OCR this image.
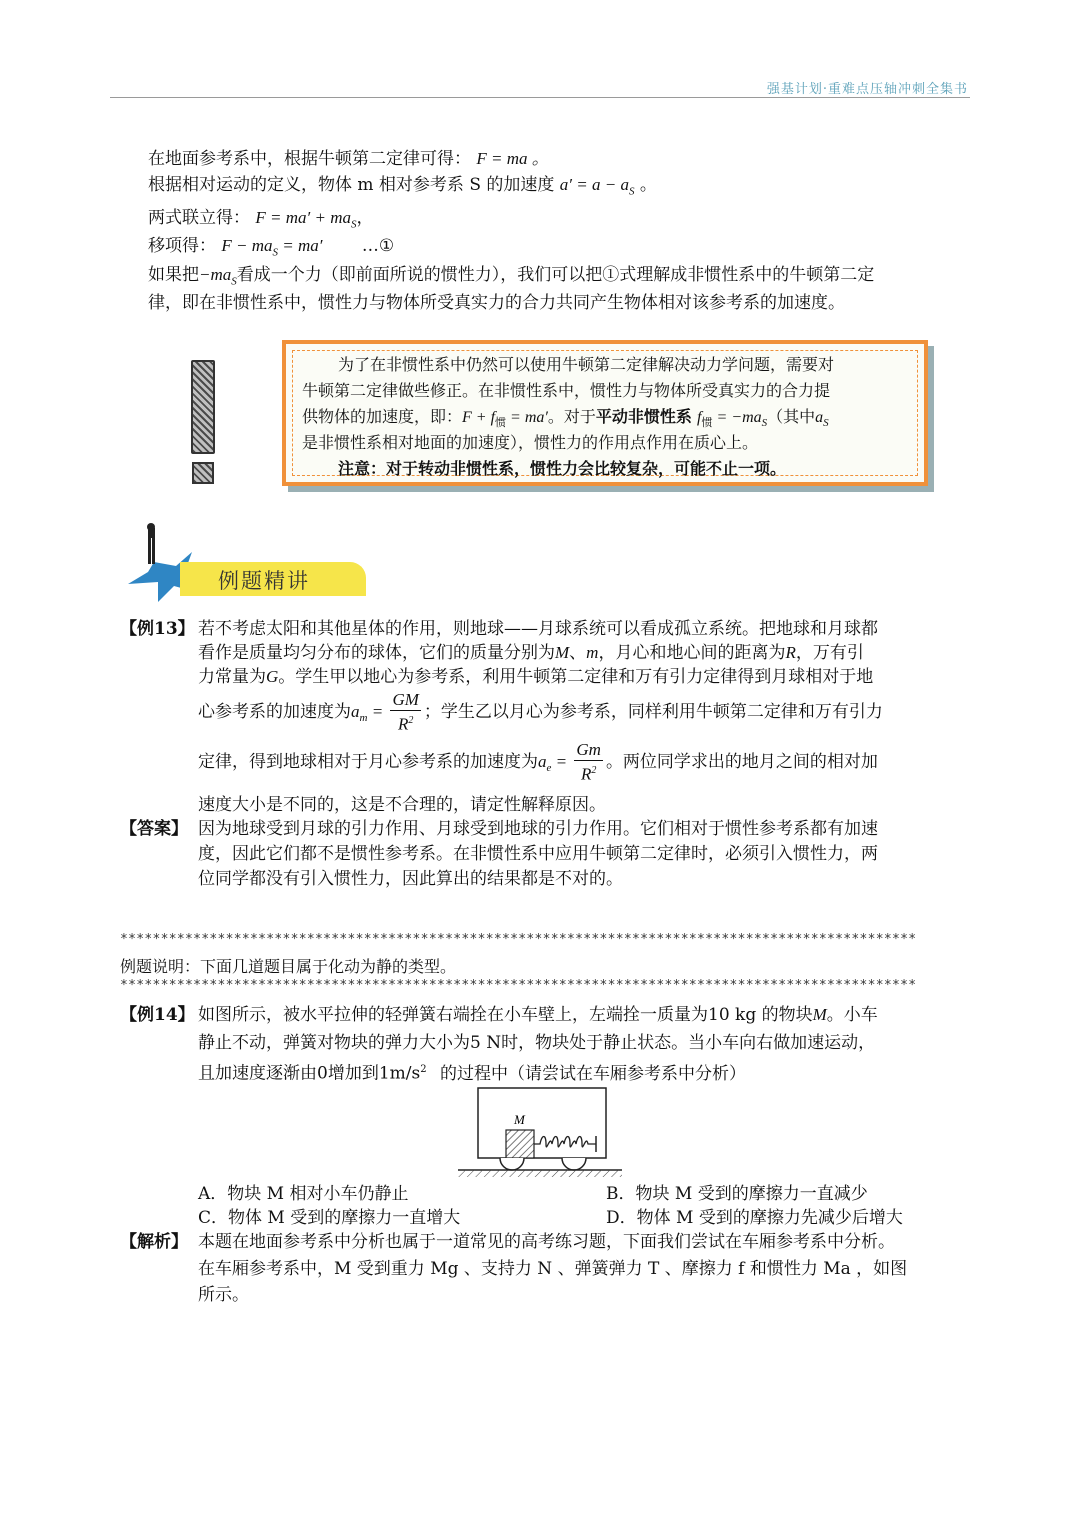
强基计划·重难点压轴冲刺全集书
在地面参考系中，根据牛顿第二定律可得： F = ma 。
根据相对运动的定义，物体 m 相对参考系 S 的加速度 $a' = a - a_S$ 。
两式联立得： $F = ma' + ma_S$，
移项得： $F - ma_S = ma'$ …①
如果把$-ma_S$看成一个力（即前面所说的惯性力），我们可以把①式理解成非惯性系中的牛顿第二定
律，即在非惯性系中，惯性力与物体所受真实力的合力共同产生物体相对该参考系的加速度。
为了在非惯性系中仍然可以使用牛顿第二定律解决动力学问题，需要对
牛顿第二定律做些修正。在非惯性系中，惯性力与物体所受真实力的合力提
供物体的加速度，即：$F + f_惯 = ma'$。对于平动非惯性系 $f_惯 = -ma_S$（其中$a_S$
是非惯性系相对地面的加速度），惯性力的作用点作用在质心上。
注意：对于转动非惯性系，惯性力会比较复杂，可能不止一项。
例题精讲
【例13】 若不考虑太阳和其他星体的作用，则地球——月球系统可以看成孤立系统。把地球和月球都
看作是质量均匀分布的球体，它们的质量分别为M、m，月心和地心间的距离为R，万有引
力常量为G。学生甲以地心为参考系，利用牛顿第二定律和万有引力定律得到月球相对于地
心参考系的加速度为$a_m = \frac{GM}{R^2}$ ；学生乙以月心为参考系，同样利用牛顿第二定律和万有引力
定律，得到地球相对于月心参考系的加速度为$a_e = \frac{Gm}{R^2}$ 。两位同学求出的地月之间的相对加
速度大小是不同的，这是不合理的，请定性解释原因。
【答案】 因为地球受到月球的引力作用、月球受到地球的引力作用。它们相对于惯性参考系都有加速
度，因此它们都不是惯性参考系。在非惯性系中应用牛顿第二定律时，必须引入惯性力，两
位同学都没有引入惯性力，因此算出的结果都是不对的。
**************************************************************************************************
例题说明：下面几道题目属于化动为静的类型。
**************************************************************************************************
【例14】 如图所示，被水平拉伸的轻弹簧右端拴在小车壁上，左端拴一质量为10 kg 的物块M。小车
静止不动，弹簧对物块的弹力大小为5 N时，物块处于静止状态。当小车向右做加速运动，
且加速度逐渐由0增加到$1m/s^2$ 的过程中（请尝试在车厢参考系中分析）
M
A．物块 M 相对小车仍静止	B．物块 M 受到的摩擦力一直减少
C．物体 M 受到的摩擦力一直增大	D．物体 M 受到的摩擦力先减少后增大
【解析】 本题在地面参考系中分析也属于一道常见的高考练习题，下面我们尝试在车厢参考系中分析。
在车厢参考系中，M 受到重力 Mg 、支持力 N 、弹簧弹力 T 、摩擦力 f 和惯性力 Ma ，如图
所示。
